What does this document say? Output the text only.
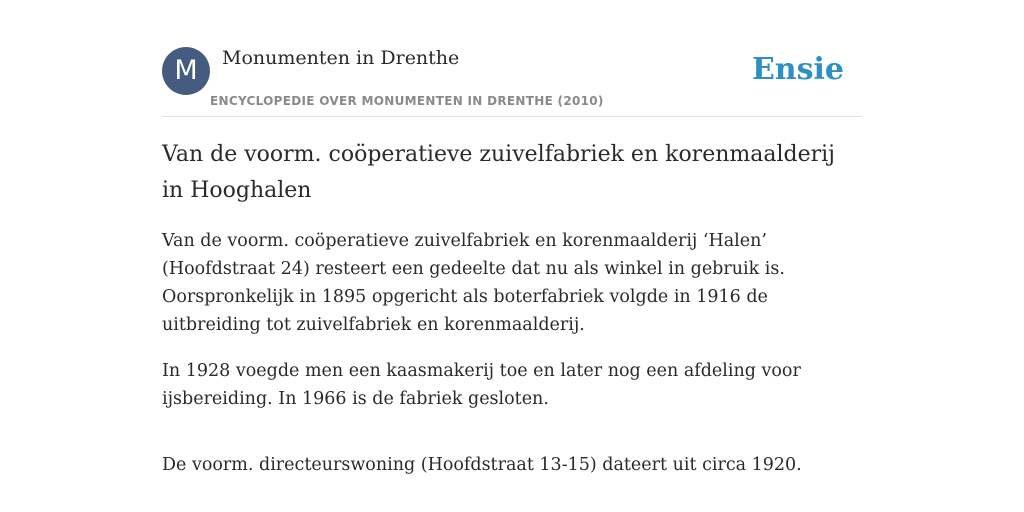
M	Monumenten in Drenthe
ENCYCLOPEDIE OVER MONUMENTEN IN DRENTHE (2010)
Ensie
Van de voorm. coöperatieve zuivelfabriek en korenmaalderij in Hooghalen

Van de voorm. coöperatieve zuivelfabriek en korenmaalderij ‘Halen’ (Hoofdstraat 24) resteert een gedeelte dat nu als winkel in gebruik is. Oorspronkelijk in 1895 opgericht als boterfabriek volgde in 1916 de uitbreiding tot zuivelfabriek en korenmaalderij.

In 1928 voegde men een kaasmakerij toe en later nog een afdeling voor ijsbereiding. In 1966 is de fabriek gesloten.

De voorm. directeurswoning (Hoofdstraat 13-15) dateert uit circa 1920.
